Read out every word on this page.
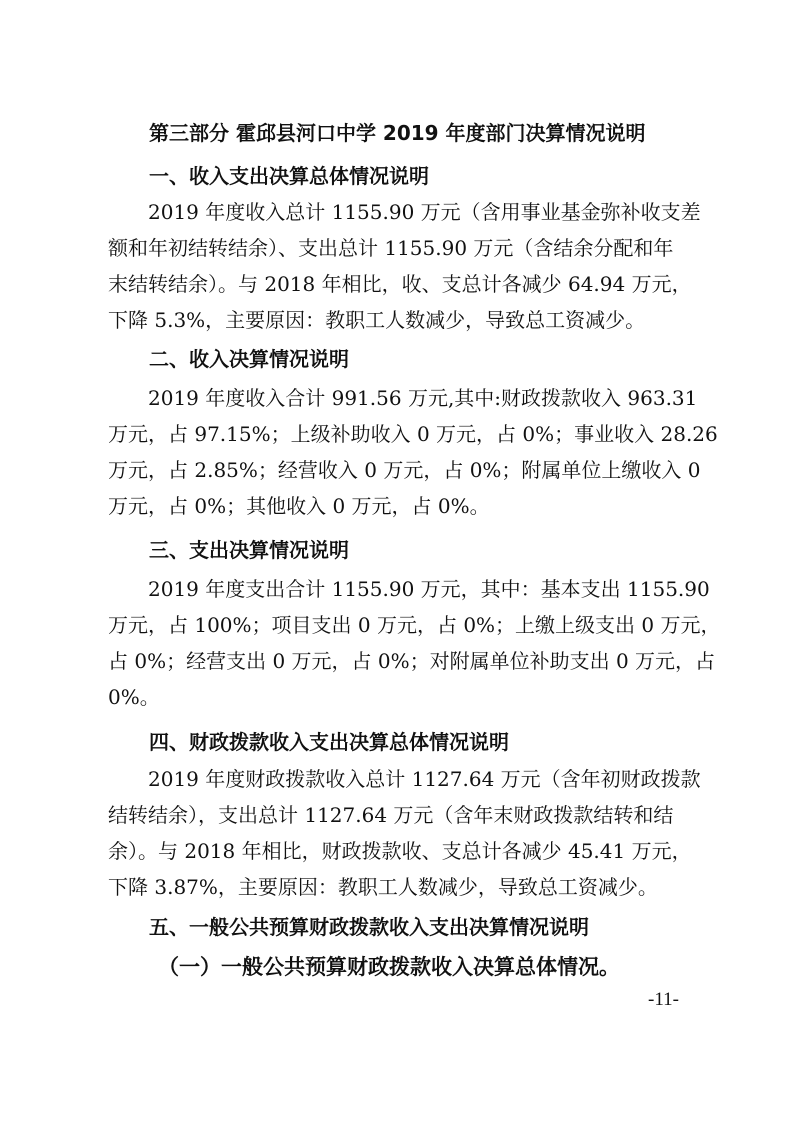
第三部分 霍邱县河口中学 2019 年度部门决算情况说明
一、收入支出决算总体情况说明
2019 年度收入总计 1155.90 万元（含用事业基金弥补收支差
额和年初结转结余）、支出总计 1155.90 万元（含结余分配和年
末结转结余）。与 2018 年相比，收、支总计各减少 64.94 万元，
下降 5.3%，主要原因：教职工人数减少，导致总工资减少。
二、收入决算情况说明
2019 年度收入合计 991.56 万元,其中:财政拨款收入 963.31
万元，占 97.15%；上级补助收入 0 万元，占 0%；事业收入 28.26
万元，占 2.85%；经营收入 0 万元，占 0%；附属单位上缴收入 0
万元，占 0%；其他收入 0 万元，占 0%。
三、支出决算情况说明
2019 年度支出合计 1155.90 万元，其中：基本支出 1155.90
万元，占 100%；项目支出 0 万元，占 0%；上缴上级支出 0 万元，
占 0%；经营支出 0 万元，占 0%；对附属单位补助支出 0 万元，占
0%。
四、财政拨款收入支出决算总体情况说明
2019 年度财政拨款收入总计 1127.64 万元（含年初财政拨款
结转结余），支出总计 1127.64 万元（含年末财政拨款结转和结
余）。与 2018 年相比，财政拨款收、支总计各减少 45.41 万元，
下降 3.87%，主要原因：教职工人数减少，导致总工资减少。
五、一般公共预算财政拨款收入支出决算情况说明
（一）一般公共预算财政拨款收入决算总体情况。
-11-
